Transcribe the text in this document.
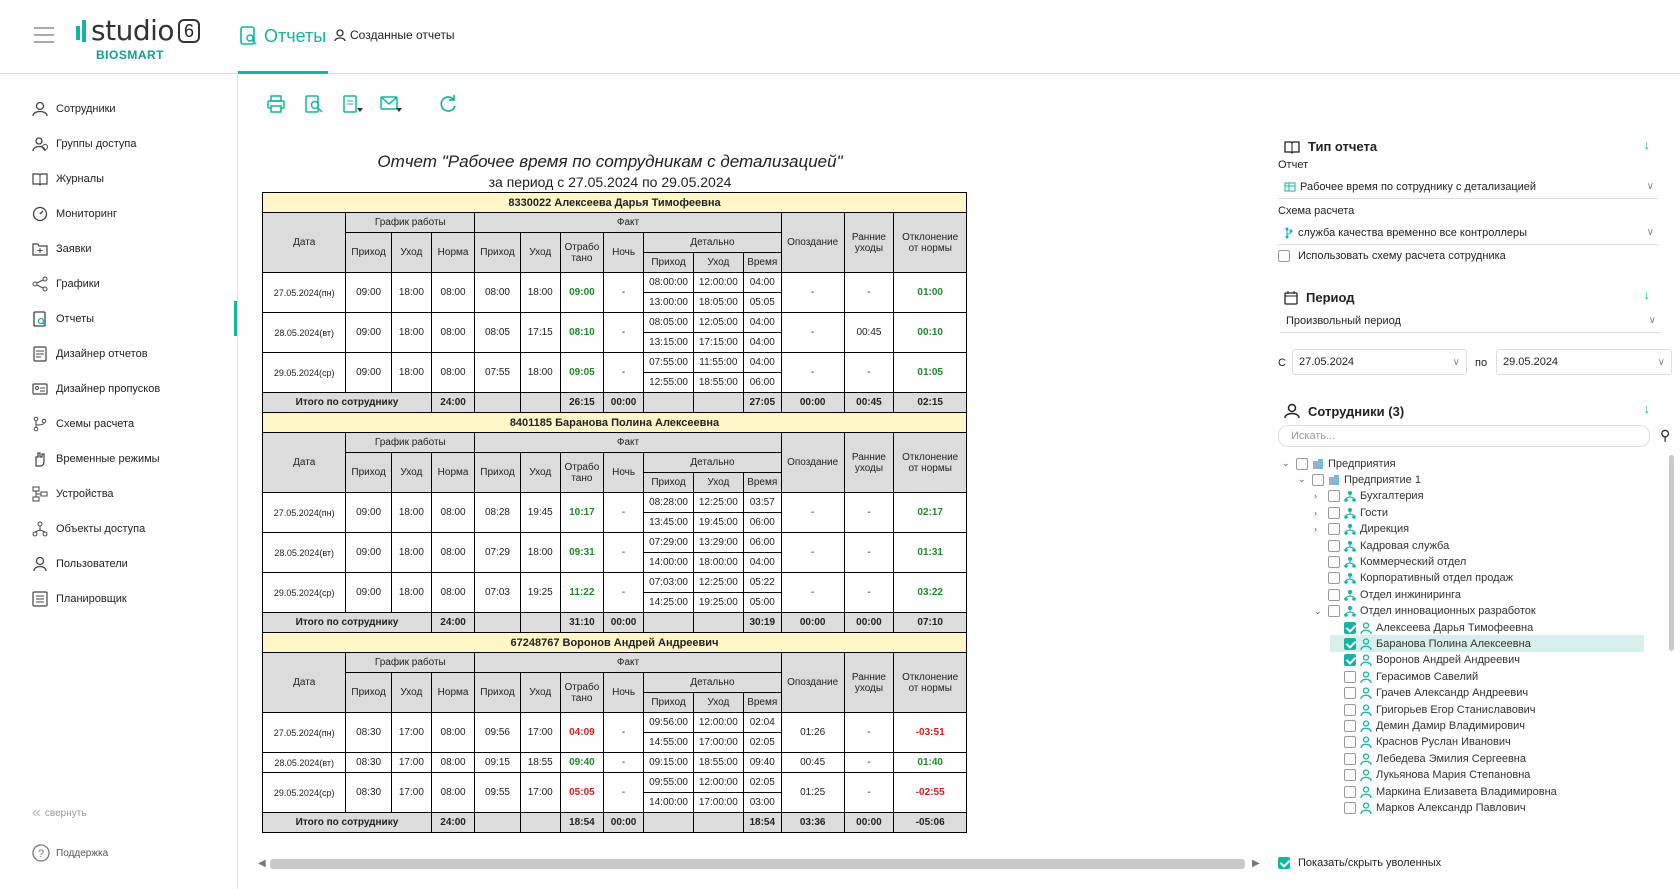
studio 6
BIOSMART
Отчеты	Созданные отчеты
Сотрудники
Группы доступа
Журналы
Мониторинг
Заявки
Графики
Отчеты
Дизайнер отчетов
Дизайнер пропусков
Схемы расчета
Временные режимы
Устройства
Объекты доступа
Пользователи
Планировщик
« свернуть
? Поддержка
Отчет "Рабочее время по сотрудникам с детализацией"
за период с 27.05.2024 по 29.05.2024
8330022 Алексеева Дарья Тимофеевна													
Дата	График работы			Факт							Опоздание	Ранние уходы	Отклонение от нормы
	Приход	Уход	Норма	Приход	Уход	Отрабо тано	Ночь	Детально					
								Приход	Уход	Время			
27.05.2024(пн)	09:00	18:00	08:00	08:00	18:00	09:00	-	08:00:00	12:00:00	04:00	-	-	01:00
								13:00:00	18:05:00	05:05			
28.05.2024(вт)	09:00	18:00	08:00	08:05	17:15	08:10	-	08:05:00	12:05:00	04:00	-	00:45	00:10
								13:15:00	17:15:00	04:00			
29.05.2024(ср)	09:00	18:00	08:00	07:55	18:00	09:05	-	07:55:00	11:55:00	04:00	-	-	01:05
								12:55:00	18:55:00	06:00			
Итого по сотруднику			24:00			26:15	00:00			27:05	00:00	00:45	02:15
8401185 Баранова Полина Алексеевна													
Дата	График работы			Факт							Опоздание	Ранние уходы	Отклонение от нормы
	Приход	Уход	Норма	Приход	Уход	Отрабо тано	Ночь	Детально					
								Приход	Уход	Время			
27.05.2024(пн)	09:00	18:00	08:00	08:28	19:45	10:17	-	08:28:00	12:25:00	03:57	-	-	02:17
								13:45:00	19:45:00	06:00			
28.05.2024(вт)	09:00	18:00	08:00	07:29	18:00	09:31	-	07:29:00	13:29:00	06:00	-	-	01:31
								14:00:00	18:00:00	04:00			
29.05.2024(ср)	09:00	18:00	08:00	07:03	19:25	11:22	-	07:03:00	12:25:00	05:22	-	-	03:22
								14:25:00	19:25:00	05:00			
Итого по сотруднику			24:00			31:10	00:00			30:19	00:00	00:00	07:10
67248767 Воронов Андрей Андреевич													
Дата	График работы			Факт							Опоздание	Ранние уходы	Отклонение от нормы
	Приход	Уход	Норма	Приход	Уход	Отрабо тано	Ночь	Детально					
								Приход	Уход	Время			
27.05.2024(пн)	08:30	17:00	08:00	09:56	17:00	04:09	-	09:56:00	12:00:00	02:04	01:26	-	-03:51
								14:55:00	17:00:00	02:05			
28.05.2024(вт)	08:30	17:00	08:00	09:15	18:55	09:40	-	09:15:00	18:55:00	09:40	00:45	-	01:40
29.05.2024(ср)	08:30	17:00	08:00	09:55	17:00	05:05	-	09:55:00	12:00:00	02:05	01:25	-	-02:55
								14:00:00	17:00:00	03:00			
Итого по сотруднику			24:00			18:54	00:00			18:54	03:36	00:00	-05:06
◀	▶
Тип отчета	↓
Отчет
Рабочее время по сотруднику с детализацией	∨
Схема расчета
служба качества временно все контроллеры	∨
Использовать схему расчета сотрудника
Период	↓
Произвольный период	∨
С 27.05.2024	∨ по 29.05.2024	∨
Сотрудники (3)	↓
Искать...	⚲
⌄	Предприятия
⌄	Предприятие 1
›	Бухгалтерия
›	Гости
›	Дирекция
Кадровая служба
Коммерческий отдел
Корпоративный отдел продаж
Отдел инжиниринга
⌄	Отдел инновационных разработок
Алексеева Дарья Тимофеевна
Баранова Полина Алексеевна
Воронов Андрей Андреевич
Герасимов Савелий
Грачев Александр Андреевич
Григорьев Егор Станиславович
Демин Дамир Владимирович
Краснов Руслан Иванович
Лебедева Эмилия Сергеевна
Лукьянова Мария Степановна
Маркина Елизавета Владимировна
Марков Александр Павлович
Показать/скрыть уволенных
